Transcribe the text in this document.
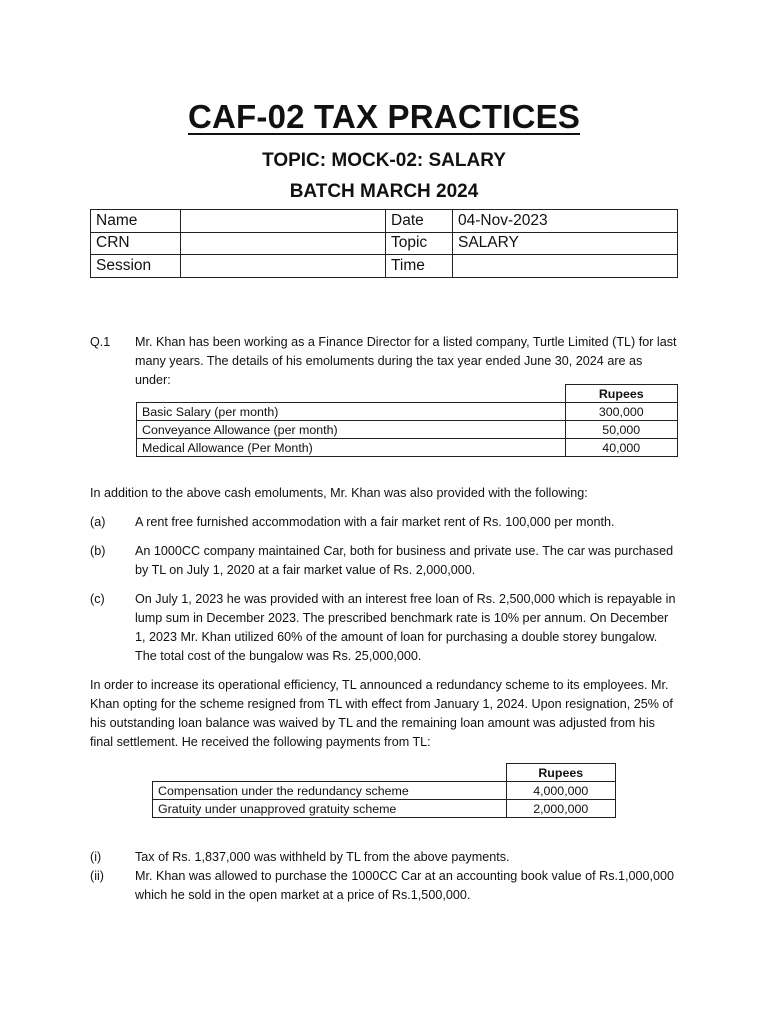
CAF-02 TAX PRACTICES
TOPIC: MOCK-02: SALARY
BATCH MARCH 2024
Name		Date	04-Nov-2023
CRN		Topic	SALARY
Session		Time	
Q.1 Mr. Khan has been working as a Finance Director for a listed company, Turtle Limited (TL) for last many years. The details of his emoluments during the tax year ended June 30, 2024 are as under:
	Rupees
Basic Salary (per month)	300,000
Conveyance Allowance (per month)	50,000
Medical Allowance (Per Month)	40,000
In addition to the above cash emoluments, Mr. Khan was also provided with the following:
(a) A rent free furnished accommodation with a fair market rent of Rs. 100,000 per month.
(b) An 1000CC company maintained Car, both for business and private use. The car was purchased by TL on July 1, 2020 at a fair market value of Rs. 2,000,000.
(c) On July 1, 2023 he was provided with an interest free loan of Rs. 2,500,000 which is repayable in lump sum in December 2023. The prescribed benchmark rate is 10% per annum. On December 1, 2023 Mr. Khan utilized 60% of the amount of loan for purchasing a double storey bungalow. The total cost of the bungalow was Rs. 25,000,000.
In order to increase its operational efficiency, TL announced a redundancy scheme to its employees. Mr. Khan opting for the scheme resigned from TL with effect from January 1, 2024. Upon resignation, 25% of his outstanding loan balance was waived by TL and the remaining loan amount was adjusted from his final settlement. He received the following payments from TL:
	Rupees
Compensation under the redundancy scheme	4,000,000
Gratuity under unapproved gratuity scheme	2,000,000
(i)	Tax of Rs. 1,837,000 was withheld by TL from the above payments.
(ii) Mr. Khan was allowed to purchase the 1000CC Car at an accounting book value of Rs.1,000,000 which he sold in the open market at a price of Rs.1,500,000.
